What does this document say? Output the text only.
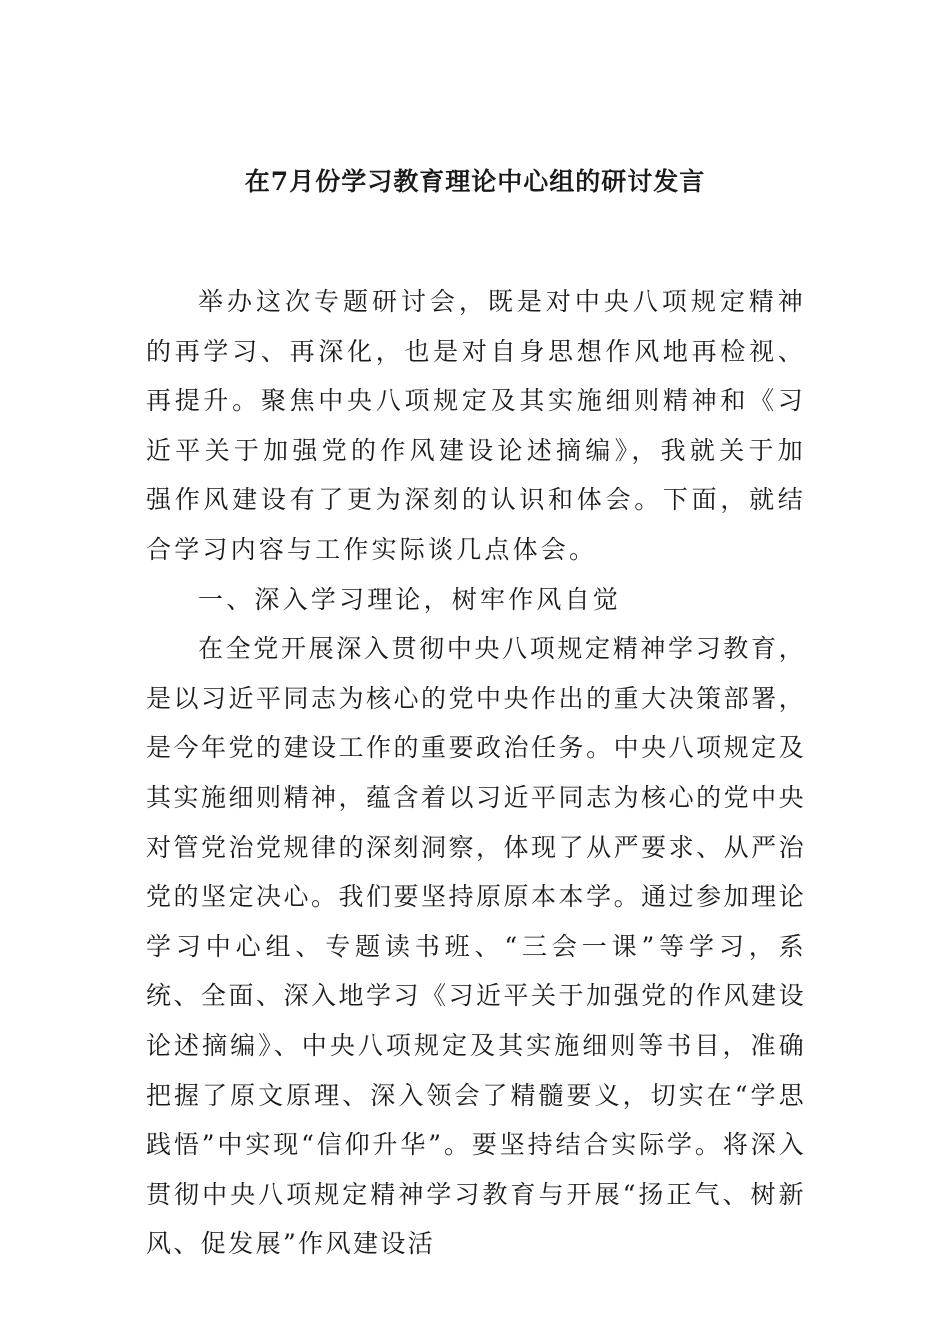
在7月份学习教育理论中心组的研讨发言

举办这次专题研讨会，既是对中央八项规定精神的再学习、再深化，也是对自身思想作风地再检视、再提升。聚焦中央八项规定及其实施细则精神和《习近平关于加强党的作风建设论述摘编》，我就关于加强作风建设有了更为深刻的认识和体会。下面，就结合学习内容与工作实际谈几点体会。

一、深入学习理论，树牢作风自觉

在全党开展深入贯彻中央八项规定精神学习教育，是以习近平同志为核心的党中央作出的重大决策部署，是今年党的建设工作的重要政治任务。中央八项规定及其实施细则精神，蕴含着以习近平同志为核心的党中央对管党治党规律的深刻洞察，体现了从严要求、从严治党的坚定决心。我们要坚持原原本本学。通过参加理论学习中心组、专题读书班、“三会一课”等学习，系统、全面、深入地学习《习近平关于加强党的作风建设论述摘编》、中央八项规定及其实施细则等书目，准确把握了原文原理、深入领会了精髓要义，切实在“学思践悟”中实现“信仰升华”。要坚持结合实际学。将深入贯彻中央八项规定精神学习教育与开展“扬正气、树新风、促发展”作风建设活
